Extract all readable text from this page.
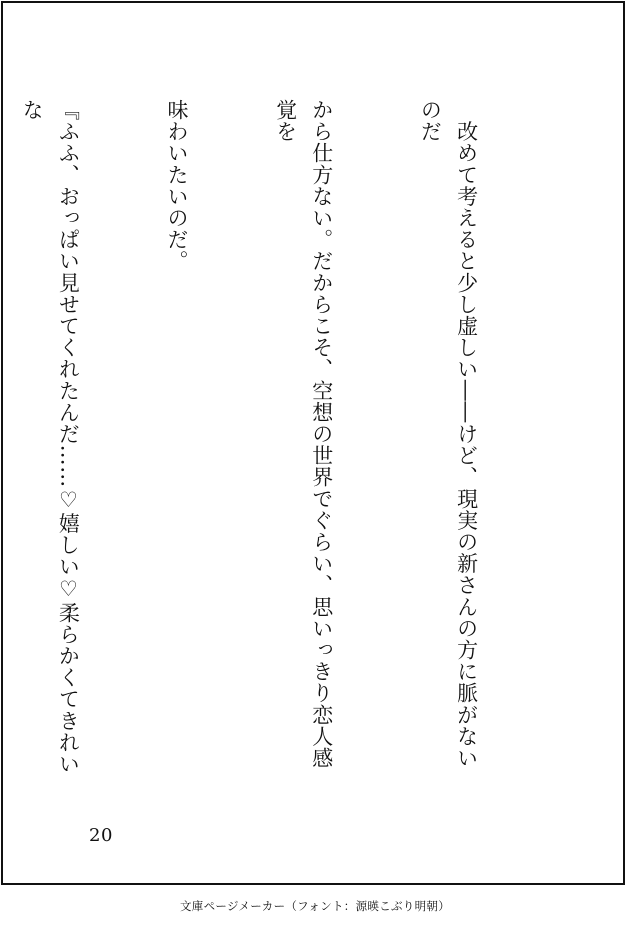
　改めて考えると少し虚しい――けど、現実の新さんの方に脈がないのだ

から仕方ない。だからこそ、空想の世界でぐらい、思いっきり恋人感覚を

味わいたいのだ。

『ふふ、おっぱい見せてくれたんだ……♡嬉しい♡柔らかくてきれいな

20
文庫ページメーカー（フォント：源暎こぶり明朝）
